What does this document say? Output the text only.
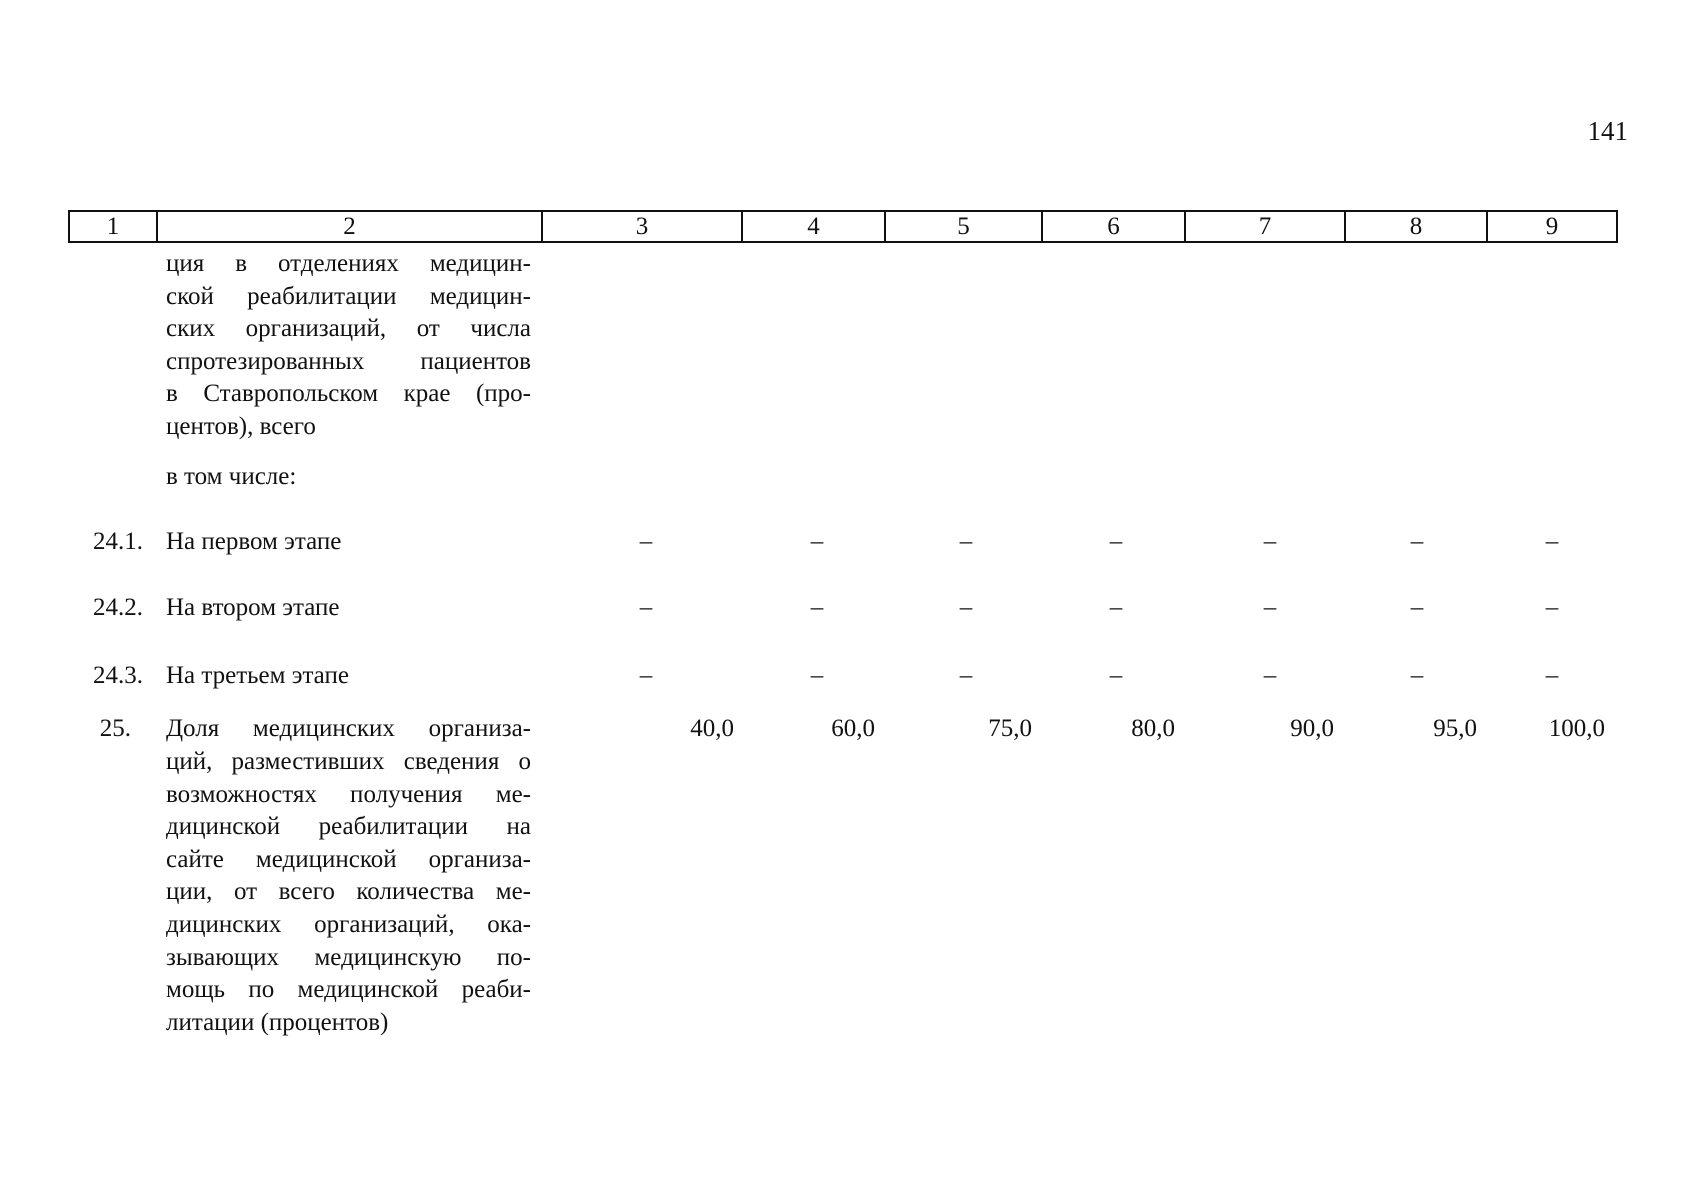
141
1	2	3	4	5	6	7	8	9
ция в отделениях медицин-
ской реабилитации медицин-
ских организаций, от числа
спротезированных пациентов
в Ставропольском крае (про-
центов), всего
в том числе:
24.1. На первом этапе	–	–	–	–	–	–	–
24.2. На втором этапе	–	–	–	–	–	–	–
24.3. На третьем этапе	–	–	–	–	–	–	–
25. Доля медицинских организа-
ций, разместивших сведения о
возможностях получения ме-
дицинской реабилитации на
сайте медицинской организа-
ции, от всего количества ме-
дицинских организаций, ока-
зывающих медицинскую по-
мощь по медицинской реаби-
литации (процентов)
40,0	60,0	75,0	80,0	90,0	95,0	100,0
